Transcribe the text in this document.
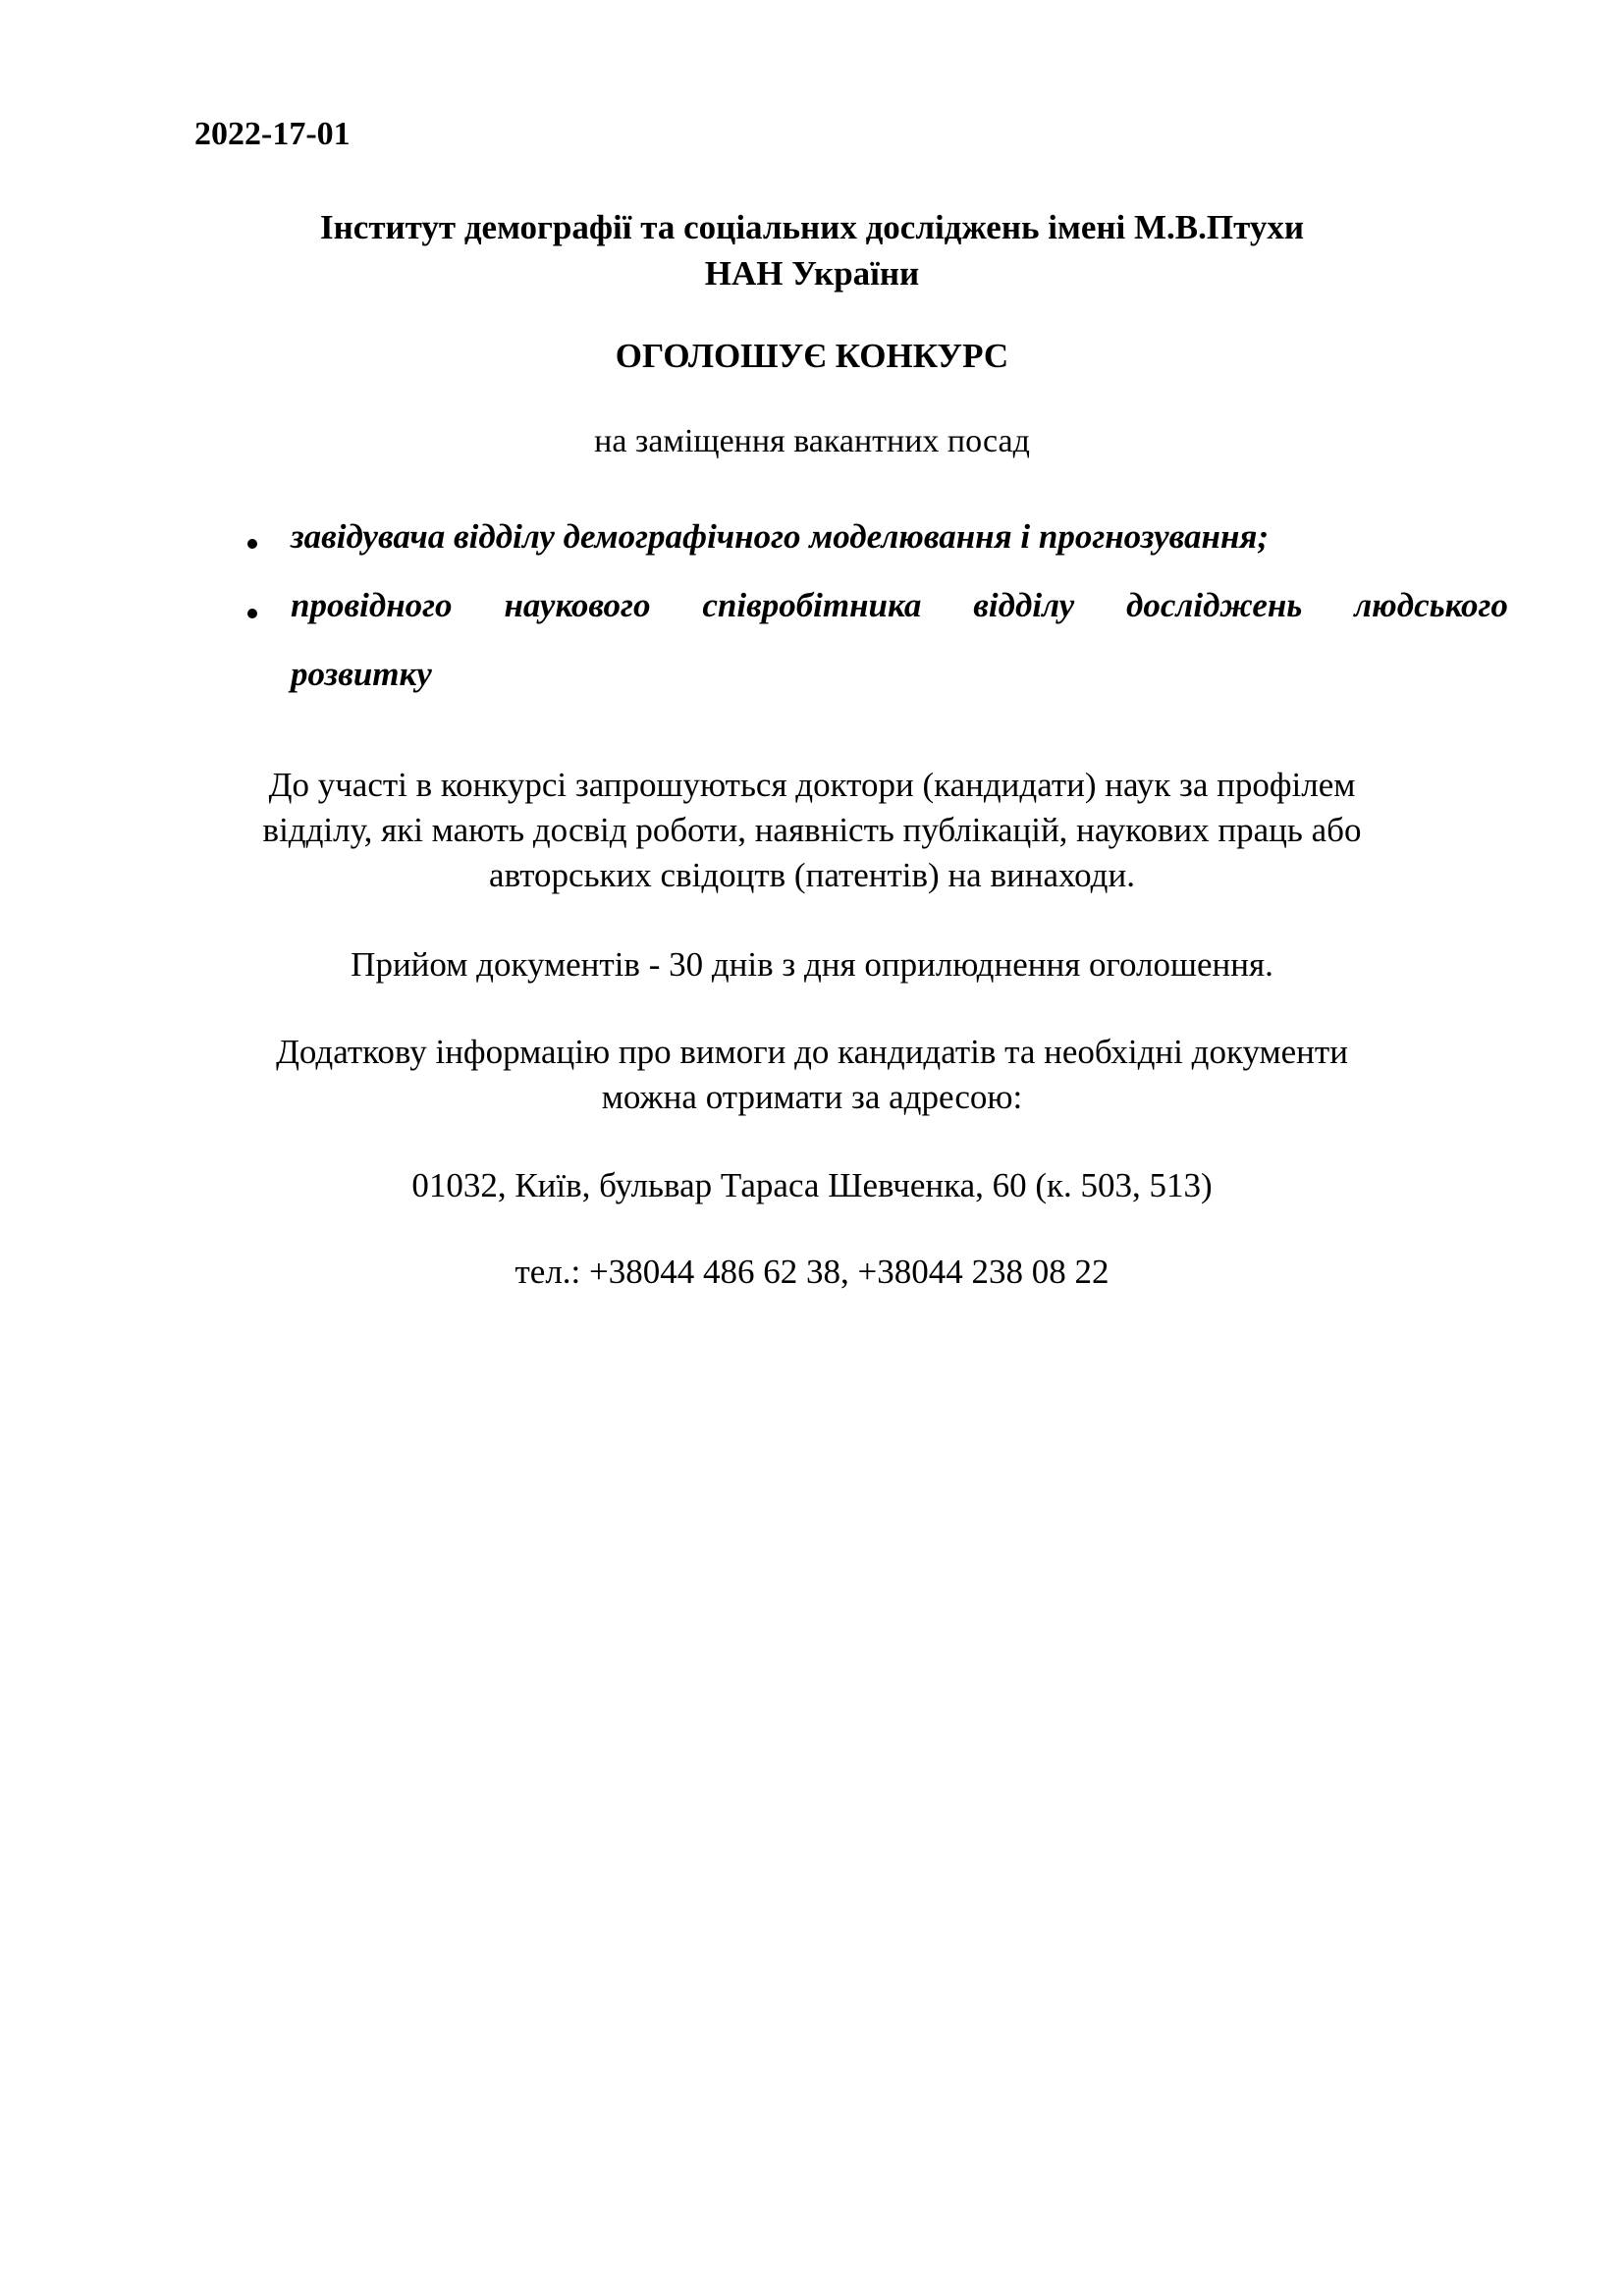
2022-17-01
Інститут демографії та соціальних досліджень імені М.В.Птухи
НАН України
ОГОЛОШУЄ КОНКУРС
на заміщення вакантних посад
завідувача відділу демографічного моделювання і прогнозування;
провідного наукового співробітника відділу досліджень людського
розвитку
До участі в конкурсі запрошуються доктори (кандидати) наук за профілем
відділу, які мають досвід роботи, наявність публікацій, наукових праць або
авторських свідоцтв (патентів) на винаходи.
Прийом документів - 30 днів з дня оприлюднення оголошення.
Додаткову інформацію про вимоги до кандидатів та необхідні документи
можна отримати за адресою:
01032, Київ, бульвар Тараса Шевченка, 60 (к. 503, 513)
тел.: +38044 486 62 38, +38044 238 08 22
